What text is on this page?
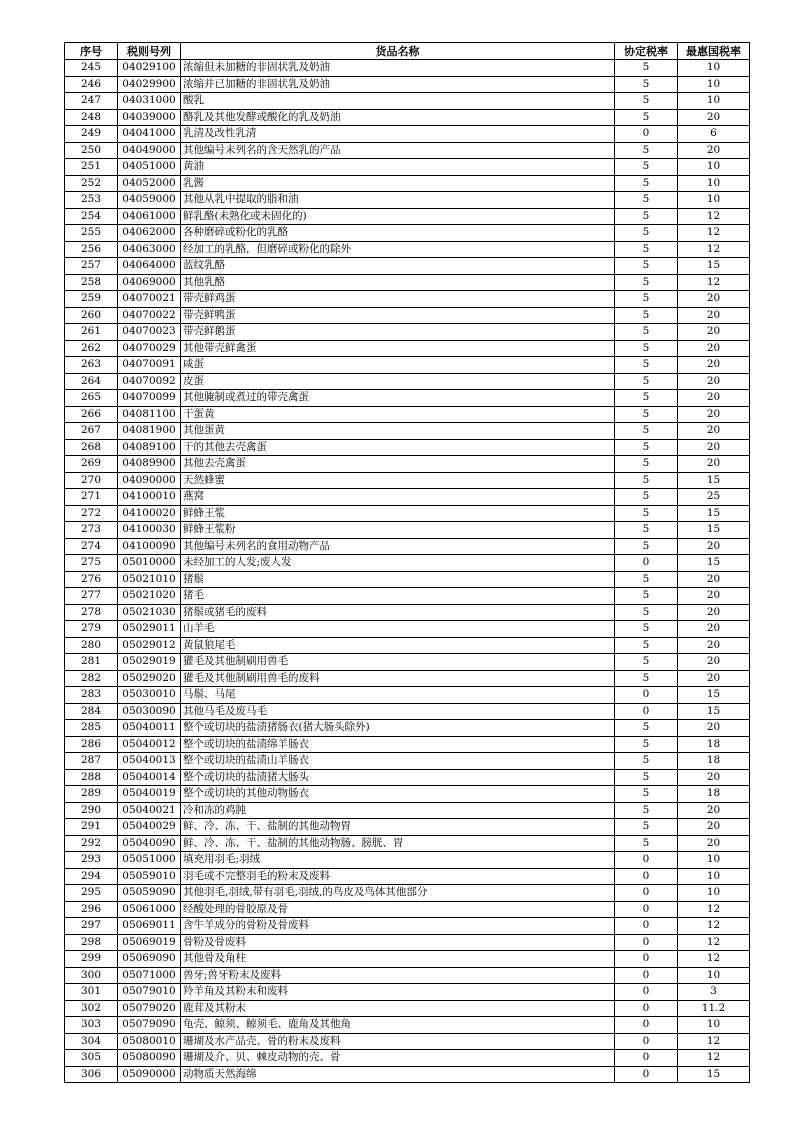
序号	税则号列	货品名称	协定税率	最惠国税率
245	04029100	浓缩但未加糖的非固状乳及奶油	5	10
246	04029900	浓缩并已加糖的非固状乳及奶油	5	10
247	04031000	酸乳	5	10
248	04039000	酪乳及其他发酵或酸化的乳及奶油	5	20
249	04041000	乳清及改性乳清	0	6
250	04049000	其他编号未列名的含天然乳的产品	5	20
251	04051000	黄油	5	10
252	04052000	乳酱	5	10
253	04059000	其他从乳中提取的脂和油	5	10
254	04061000	鲜乳酪(未熟化或未固化的)	5	12
255	04062000	各种磨碎或粉化的乳酪	5	12
256	04063000	经加工的乳酪，但磨碎或粉化的除外	5	12
257	04064000	蓝纹乳酪	5	15
258	04069000	其他乳酪	5	12
259	04070021	带壳鲜鸡蛋	5	20
260	04070022	带壳鲜鸭蛋	5	20
261	04070023	带壳鲜鹅蛋	5	20
262	04070029	其他带壳鲜禽蛋	5	20
263	04070091	咸蛋	5	20
264	04070092	皮蛋	5	20
265	04070099	其他腌制或煮过的带壳禽蛋	5	20
266	04081100	干蛋黄	5	20
267	04081900	其他蛋黄	5	20
268	04089100	干的其他去壳禽蛋	5	20
269	04089900	其他去壳禽蛋	5	20
270	04090000	天然蜂蜜	5	15
271	04100010	燕窝	5	25
272	04100020	鲜蜂王浆	5	15
273	04100030	鲜蜂王浆粉	5	15
274	04100090	其他编号未列名的食用动物产品	5	20
275	05010000	未经加工的人发;废人发	0	15
276	05021010	猪鬃	5	20
277	05021020	猪毛	5	20
278	05021030	猪鬃或猪毛的废料	5	20
279	05029011	山羊毛	5	20
280	05029012	黄鼠狼尾毛	5	20
281	05029019	獾毛及其他制刷用兽毛	5	20
282	05029020	獾毛及其他制刷用兽毛的废料	5	20
283	05030010	马鬃、马尾	0	15
284	05030090	其他马毛及废马毛	0	15
285	05040011	整个或切块的盐渍猪肠衣(猪大肠头除外)	5	20
286	05040012	整个或切块的盐渍绵羊肠衣	5	18
287	05040013	整个或切块的盐渍山羊肠衣	5	18
288	05040014	整个或切块的盐渍猪大肠头	5	20
289	05040019	整个或切块的其他动物肠衣	5	18
290	05040021	冷和冻的鸡肫	5	20
291	05040029	鲜、冷、冻、干、盐制的其他动物胃	5	20
292	05040090	鲜、冷、冻、干、盐制的其他动物肠、膀胱、胃	5	20
293	05051000	填充用羽毛;羽绒	0	10
294	05059010	羽毛或不完整羽毛的粉末及废料	0	10
295	05059090	其他羽毛,羽绒,带有羽毛,羽绒,的鸟皮及鸟体其他部分	0	10
296	05061000	经酸处理的骨胶原及骨	0	12
297	05069011	含牛羊成分的骨粉及骨废料	0	12
298	05069019	骨粉及骨废料	0	12
299	05069090	其他骨及角柱	0	12
300	05071000	兽牙;兽牙粉末及废料	0	10
301	05079010	羚羊角及其粉末和废料	0	3
302	05079020	鹿茸及其粉末	0	11.2
303	05079090	龟壳、鲸须、鲸须毛、鹿角及其他角	0	10
304	05080010	珊瑚及水产品壳、骨的粉末及废料	0	12
305	05080090	珊瑚及介、贝、棘皮动物的壳、骨	0	12
306	05090000	动物质天然海绵	0	15
